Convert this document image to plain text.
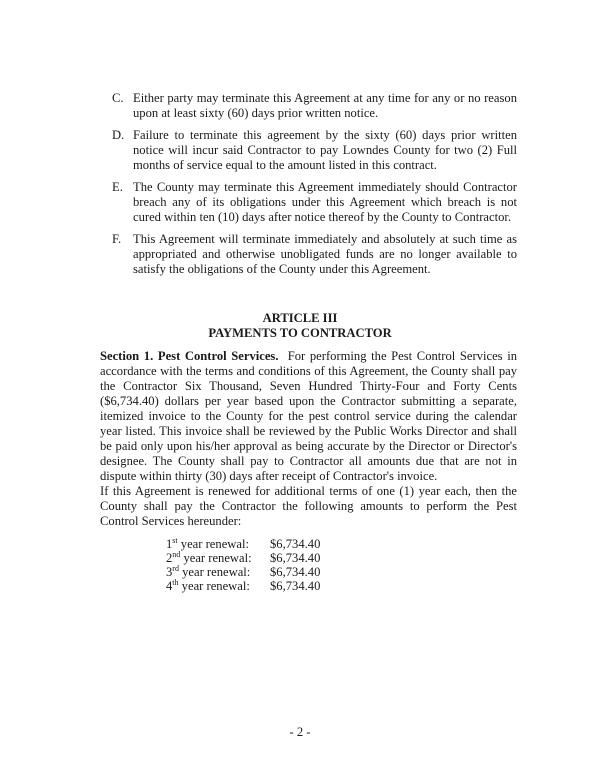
C. Either party may terminate this Agreement at any time for any or no reason upon at least sixty (60) days prior written notice.
D. Failure to terminate this agreement by the sixty (60) days prior written notice will incur said Contractor to pay Lowndes County for two (2) Full months of service equal to the amount listed in this contract.
E. The County may terminate this Agreement immediately should Contractor breach any of its obligations under this Agreement which breach is not cured within ten (10) days after notice thereof by the County to Contractor.
F. This Agreement will terminate immediately and absolutely at such time as appropriated and otherwise unobligated funds are no longer available to satisfy the obligations of the County under this Agreement.
ARTICLE III
PAYMENTS TO CONTRACTOR
Section 1. Pest Control Services. For performing the Pest Control Services in accordance with the terms and conditions of this Agreement, the County shall pay the Contractor Six Thousand, Seven Hundred Thirty-Four and Forty Cents ($6,734.40) dollars per year based upon the Contractor submitting a separate, itemized invoice to the County for the pest control service during the calendar year listed. This invoice shall be reviewed by the Public Works Director and shall be paid only upon his/her approval as being accurate by the Director or Director's designee. The County shall pay to Contractor all amounts due that are not in dispute within thirty (30) days after receipt of Contractor's invoice.
If this Agreement is renewed for additional terms of one (1) year each, then the County shall pay the Contractor the following amounts to perform the Pest Control Services hereunder:
1st year renewal:	$6,734.40
2nd year renewal:	$6,734.40
3rd year renewal:	$6,734.40
4th year renewal:	$6,734.40
- 2 -
